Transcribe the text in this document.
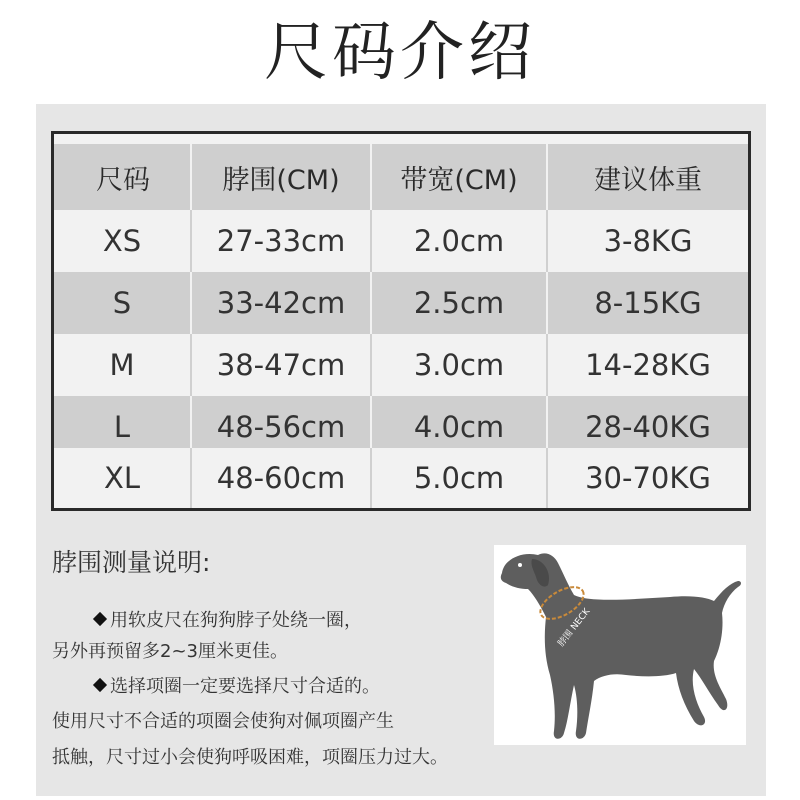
尺码介绍
尺码	脖围(CM)	带宽(CM)	建议体重
XS	27-33cm	2.0cm	3-8KG
S	33-42cm	2.5cm	8-15KG
M	38-47cm	3.0cm	14-28KG
L	48-56cm	4.0cm	28-40KG
XL	48-60cm	5.0cm	30-70KG
脖围测量说明:
用软皮尺在狗狗脖子处绕一圈，
另外再预留多2~3厘米更佳。
选择项圈一定要选择尺寸合适的。
使用尺寸不合适的项圈会使狗对佩项圈产生
抵触，尺寸过小会使狗呼吸困难，项圈压力过大。
脖围 NECK
